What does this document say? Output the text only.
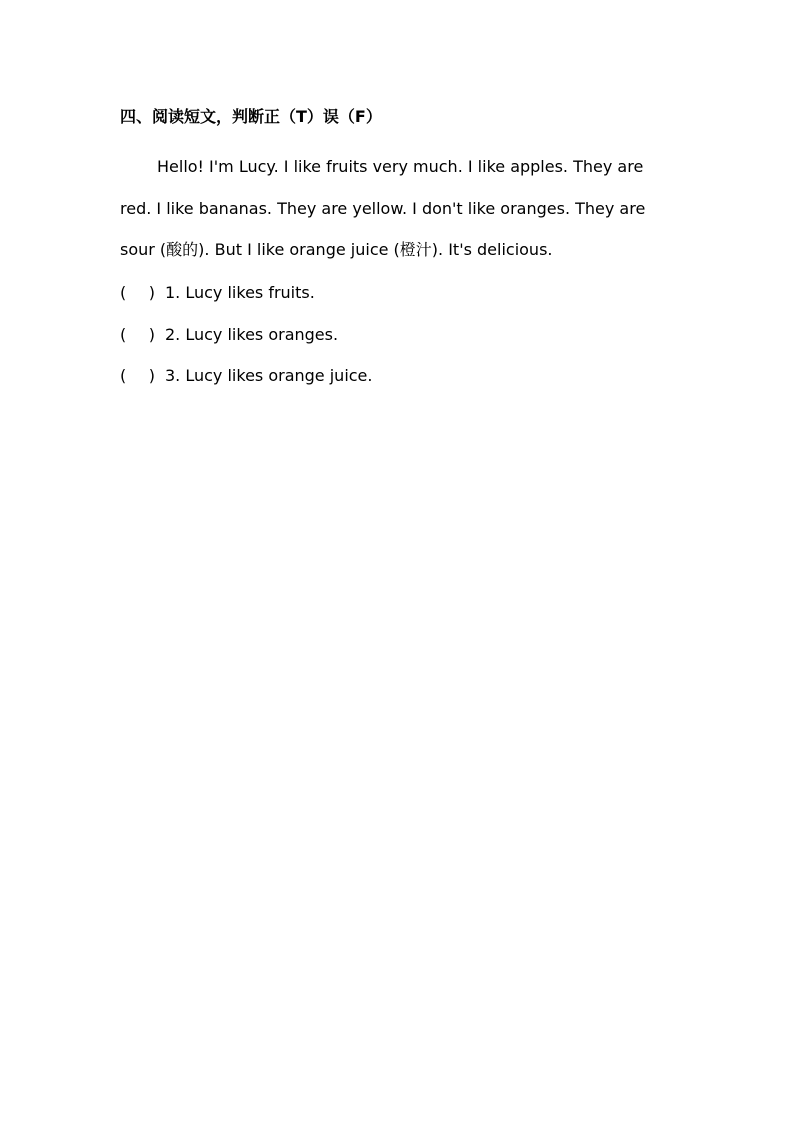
四、阅读短文，判断正（T）误（F）
Hello! I'm Lucy. I like fruits very much. I like apples. They are
red. I like bananas. They are yellow. I don't like oranges. They are
sour (酸的). But I like orange juice (橙汁). It's delicious.
( ) 1. Lucy likes fruits.
( ) 2. Lucy likes oranges.
( ) 3. Lucy likes orange juice.
